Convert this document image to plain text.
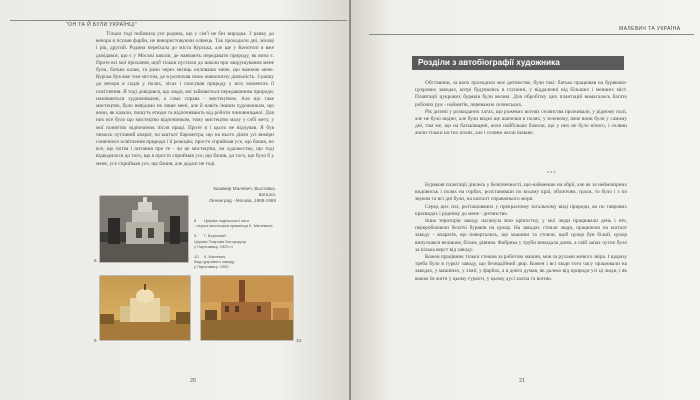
"ОН ТА Й БУЛИ УКРАЇНЦІ"

Тільки тоді побачила усе родина, що у сім'ї не без виродка. З ранку до вечора я псував фарби, не використовуючи олівець. Так проходили дні, місяці і рік, другий. Родина переїхала до міста Курська, але ще у Конотопі я вже довідався, що є у Москві школи, де навчають передавати природу, як вона є. Проте всі мої прохання, щоб тільки пустили до школи про закрушування мене були, батько казав, та рано через місяць опловашо мене, що важкою мене. Курськ був вже тим містом, де я розпочав свою живописну діяльність. З ранку до вечора я сидів у полях, лісах і списував природу у всіх моментах її освітлення. Я тоді довідався, що люди, які займаються передаванням природи, називаються художниками, а сама справа - мистецтвом. Але що таке мистецтво, було невідомо не лише мені, але й навіть іншим художникам, що вони, як казали, пишуть етюди та відпочивають від роботи чиновницької. Для них все було що мистецтво відпочинком, тому мистецтво малу у собі мету, у мої поняттях відпочинок після праці. Проте я і цього не відчував. Я був чимось чутливий апарат, на кшталт барометра, що на нього діяли усі виміри сонячного освітлення природи і її реакцію; просто сприймав усе, що бачив, но все, що потім і питання про те - чи це мистецтво, чи художество, що тоді відводилося до того, що я просто сприймав усе, що бачив, до того, що було б у мене, усе сприймав усе, що бачив, але дедалі не тоді.

Казимир Малевич. Выставка. Каталог.
Ленинград - Москва, 1988-1989
8.
8. Церква подільської хати
- перша мистецька крамниця К. Малевича
9. Г. Березний.
Церква Покрови Богородиці
у Пархомівці. 1920-ті
10. К. Малевич.
Вид цукрового заводу
у Пархомівці. 1900
9.	10.
20
МАЛЕВИЧ ТА УКРАЇНА
Розділи з автобіографії художника

Обставини, за яких проходило моє дитинство, були такі: батько працював на буряково-цукрових заводах, котрі будувались в глушині, у віддаленні від більших і менших міст. Плантації цукрових буряків були великі. Для обробітку цих плантацій вимагалось багато робочих рук - наймитів, переважно селянських.

Рік дитячі у розкиданих хатах, що рожевих вогнях селянства проживали, у рідному полі, але не було видно, але були видні ще шапочки в полях, у зеленому, наче вони були у самому дні, там же, що на батьківщині, коли найбільше бачили, що у них не було нічого, і селяни жили тільки на тих полях, але і селяни жили інакше.

* * *

Буряковi плантації діялись у безкінечності, що-найменше на обрії, але як за неймовірних видовиськ і полях на горбах, розставивши по всьому краї, обличчям, грали, то було і з по звуком та всі дні були, на кшталт справжнього моря.

Серед цих сил, розташованих у прекрасному загальному виді природи, як по таврових краєвидах і рідному до мене - дитинство.

Інша територія заводу наганула всю кріпостну, у мої люди працювали день і ніч, перероблюючи безлічі буряків на цукор. На заводах стояли люди, працюючи на кшталт заводу - апаратів, що повертались, що машини та стояли, щоб цукор був білий, цукор випускався великим, білим, рівним. Фабрика у труби викидала дими, а свій запах чутно було за кілька верст від заводу.

Кожен працівник тільки стежив за роботою машин, мов за рухами живого звіра. І щоразу треба було в гуркіт заводу, що безнадійний двір. Кожен і всі люди того часу працювали на заводах, у машинах, у хімії, у фарбах, а я довго думав, як далеко від природи усі ці люди, і як важко їм жити у цьому гуркоті, у цьому дусі заліза та вогню.

21
